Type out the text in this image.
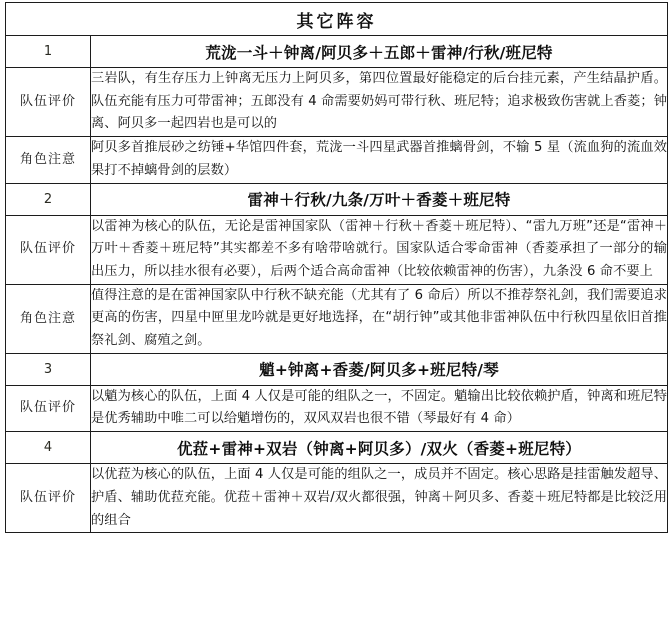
其它阵容	
1	荒泷一斗＋钟离/阿贝多＋五郎＋雷神/行秋/班尼特
队伍评价	三岩队，有生存压力上钟离无压力上阿贝多，第四位置最好能稳定的后台挂元素，产生结晶护盾。队伍充能有压力可带雷神；五郎没有 4 命需要奶妈可带行秋、班尼特；追求极致伤害就上香菱；钟离、阿贝多一起四岩也是可以的
角色注意	阿贝多首推辰砂之纺锤+华馆四件套，荒泷一斗四星武器首推螭骨剑，不输 5 星（流血狗的流血效果打不掉螭骨剑的层数）
2	雷神＋行秋/九条/万叶＋香菱＋班尼特
队伍评价	以雷神为核心的队伍，无论是雷神国家队（雷神＋行秋＋香菱＋班尼特）、“雷九万班”还是“雷神＋万叶＋香菱＋班尼特”其实都差不多有啥带啥就行。国家队适合零命雷神（香菱承担了一部分的输出压力，所以挂水很有必要），后两个适合高命雷神（比较依赖雷神的伤害），九条没 6 命不要上
角色注意	值得注意的是在雷神国家队中行秋不缺充能（尤其有了 6 命后）所以不推荐祭礼剑，我们需要追求更高的伤害，四星中匣里龙吟就是更好地选择，在“胡行钟”或其他非雷神队伍中行秋四星依旧首推祭礼剑、腐殖之剑。
3	魈+钟离+香菱/阿贝多+班尼特/琴
队伍评价	以魈为核心的队伍，上面 4 人仅是可能的组队之一，不固定。魈输出比较依赖护盾，钟离和班尼特是优秀辅助中唯二可以给魈增伤的，双风双岩也很不错（琴最好有 4 命）
4	优菈+雷神+双岩（钟离+阿贝多）/双火（香菱+班尼特）
队伍评价	以优菈为核心的队伍，上面 4 人仅是可能的组队之一，成员并不固定。核心思路是挂雷触发超导、护盾、辅助优菈充能。优菈＋雷神＋双岩/双火都很强，钟离＋阿贝多、香菱＋班尼特都是比较泛用的组合
